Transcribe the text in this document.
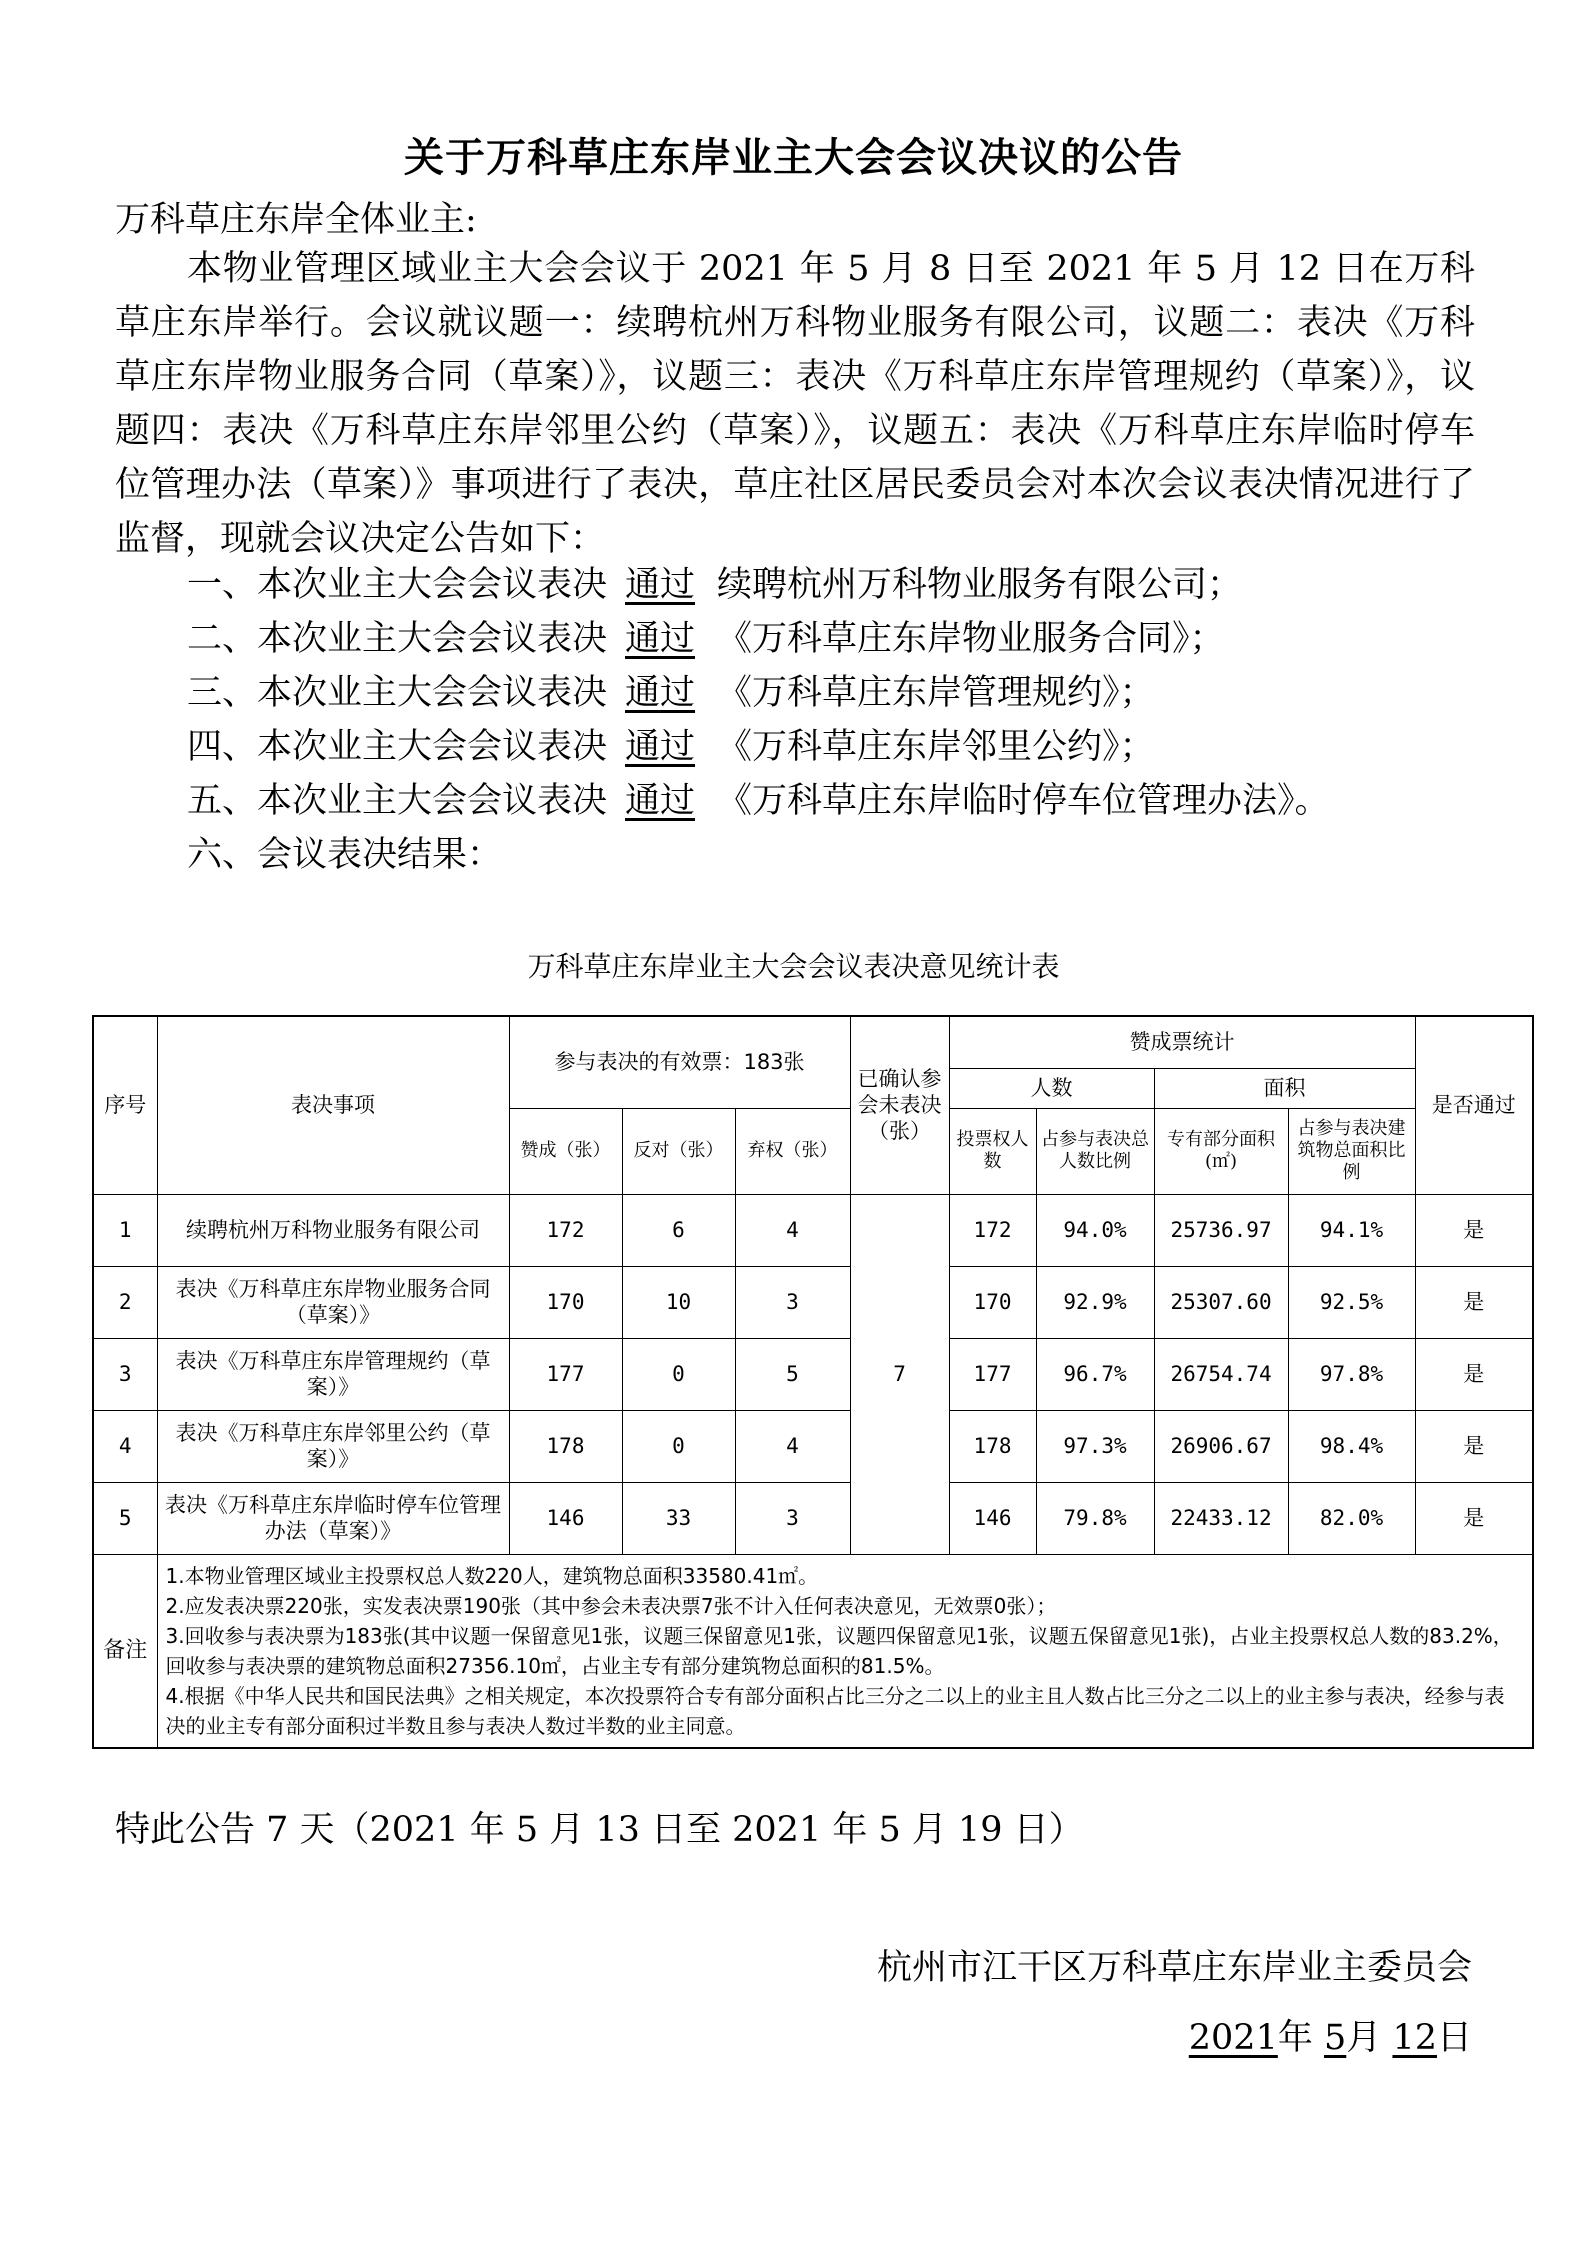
关于万科草庄东岸业主大会会议决议的公告
万科草庄东岸全体业主:
本物业管理区域业主大会会议于 2021 年 5 月 8 日至 2021 年 5 月 12 日在万科草庄东岸举行。会议就议题一：续聘杭州万科物业服务有限公司，议题二：表决《万科草庄东岸物业服务合同（草案）》，议题三：表决《万科草庄东岸管理规约（草案）》，议题四：表决《万科草庄东岸邻里公约（草案）》，议题五：表决《万科草庄东岸临时停车位管理办法（草案）》事项进行了表决，草庄社区居民委员会对本次会议表决情况进行了监督，现就会议决定公告如下：
一、本次业主大会会议表决 通过 续聘杭州万科物业服务有限公司；
二、本次业主大会会议表决 通过 《万科草庄东岸物业服务合同》；
三、本次业主大会会议表决 通过 《万科草庄东岸管理规约》；
四、本次业主大会会议表决 通过 《万科草庄东岸邻里公约》；
五、本次业主大会会议表决 通过 《万科草庄东岸临时停车位管理办法》。
六、会议表决结果：
万科草庄东岸业主大会会议表决意见统计表
序号	表决事项	参与表决的有效票：183张			已确认参会未表决（张）	赞成票统计				是否通过
						人数		面积		
		赞成（张）	反对（张）	弃权（张）		投票权人数	占参与表决总人数比例	专有部分面积(㎡)	占参与表决建筑物总面积比例	
1	续聘杭州万科物业服务有限公司	172	6	4	7	172	94.0%	25736.97	94.1%	是
2	表决《万科草庄东岸物业服务合同（草案）》	170	10	3		170	92.9%	25307.60	92.5%	是
3	表决《万科草庄东岸管理规约（草案）》	177	0	5		177	96.7%	26754.74	97.8%	是
4	表决《万科草庄东岸邻里公约（草案）》	178	0	4		178	97.3%	26906.67	98.4%	是
5	表决《万科草庄东岸临时停车位管理办法（草案）》	146	33	3		146	79.8%	22433.12	82.0%	是
备注	1.本物业管理区域业主投票权总人数220人，建筑物总面积33580.41㎡。
2.应发表决票220张，实发表决票190张（其中参会未表决票7张不计入任何表决意见，无效票0张）；
3.回收参与表决票为183张(其中议题一保留意见1张，议题三保留意见1张，议题四保留意见1张，议题五保留意见1张)，占业主投票权总人数的83.2%，回收参与表决票的建筑物总面积27356.10㎡，占业主专有部分建筑物总面积的81.5%。
4.根据《中华人民共和国民法典》之相关规定，本次投票符合专有部分面积占比三分之二以上的业主且人数占比三分之二以上的业主参与表决，经参与表决的业主专有部分面积过半数且参与表决人数过半数的业主同意。									
特此公告 7 天（2021 年 5 月 13 日至 2021 年 5 月 19 日）
杭州市江干区万科草庄东岸业主委员会
2021年 5月 12日
